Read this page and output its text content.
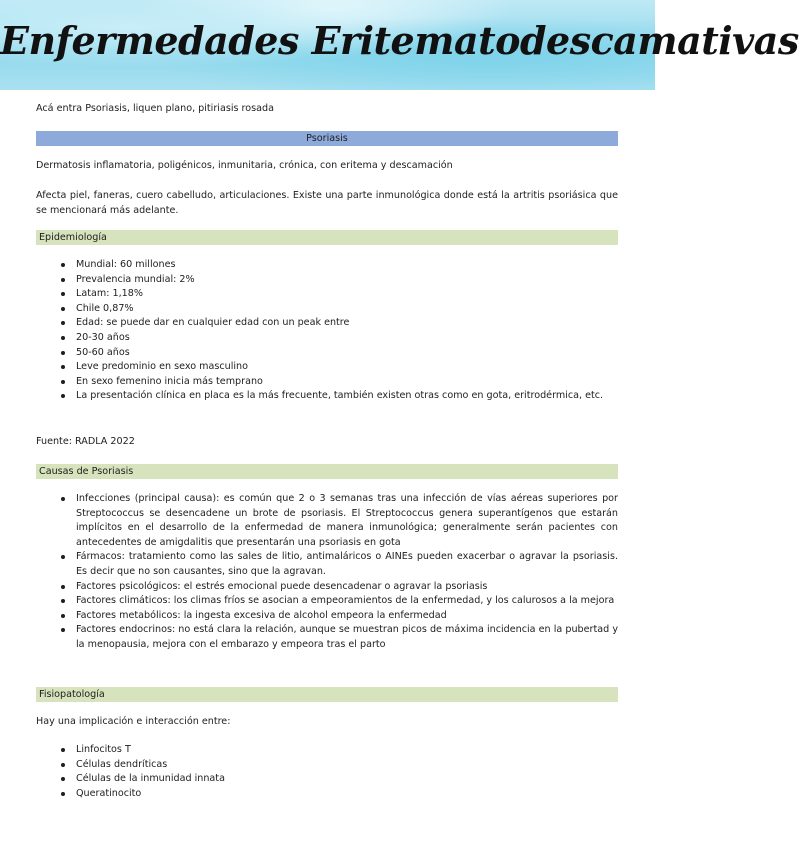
Enfermedades Eritematodescamativas
Acá entra Psoriasis, liquen plano, pitiriasis rosada
Psoriasis
Dermatosis inflamatoria, poligénicos, inmunitaria, crónica, con eritema y descamación
Afecta piel, faneras, cuero cabelludo, articulaciones. Existe una parte inmunológica donde está la artritis psoriásica que se mencionará más adelante.
Epidemiología
Mundial: 60 millones
Prevalencia mundial: 2%
Latam: 1,18%
Chile 0,87%
Edad: se puede dar en cualquier edad con un peak entre
20-30 años
50-60 años
Leve predominio en sexo masculino
En sexo femenino inicia más temprano
La presentación clínica en placa es la más frecuente, también existen otras como en gota, eritrodérmica, etc.
Fuente: RADLA 2022
Causas de Psoriasis
Infecciones (principal causa): es común que 2 o 3 semanas tras una infección de vías aéreas superiores por Streptococcus se desencadene un brote de psoriasis. El Streptococcus genera superantígenos que estarán implícitos en el desarrollo de la enfermedad de manera inmunológica; generalmente serán pacientes con antecedentes de amigdalitis que presentarán una psoriasis en gota
Fármacos: tratamiento como las sales de litio, antimaláricos o AINEs pueden exacerbar o agravar la psoriasis. Es decir que no son causantes, sino que la agravan.
Factores psicológicos: el estrés emocional puede desencadenar o agravar la psoriasis
Factores climáticos: los climas fríos se asocian a empeoramientos de la enfermedad, y los calurosos a la mejora
Factores metabólicos: la ingesta excesiva de alcohol empeora la enfermedad
Factores endocrinos: no está clara la relación, aunque se muestran picos de máxima incidencia en la pubertad y la menopausia, mejora con el embarazo y empeora tras el parto
Fisiopatología
Hay una implicación e interacción entre:
Linfocitos T
Células dendríticas
Células de la inmunidad innata
Queratinocito
